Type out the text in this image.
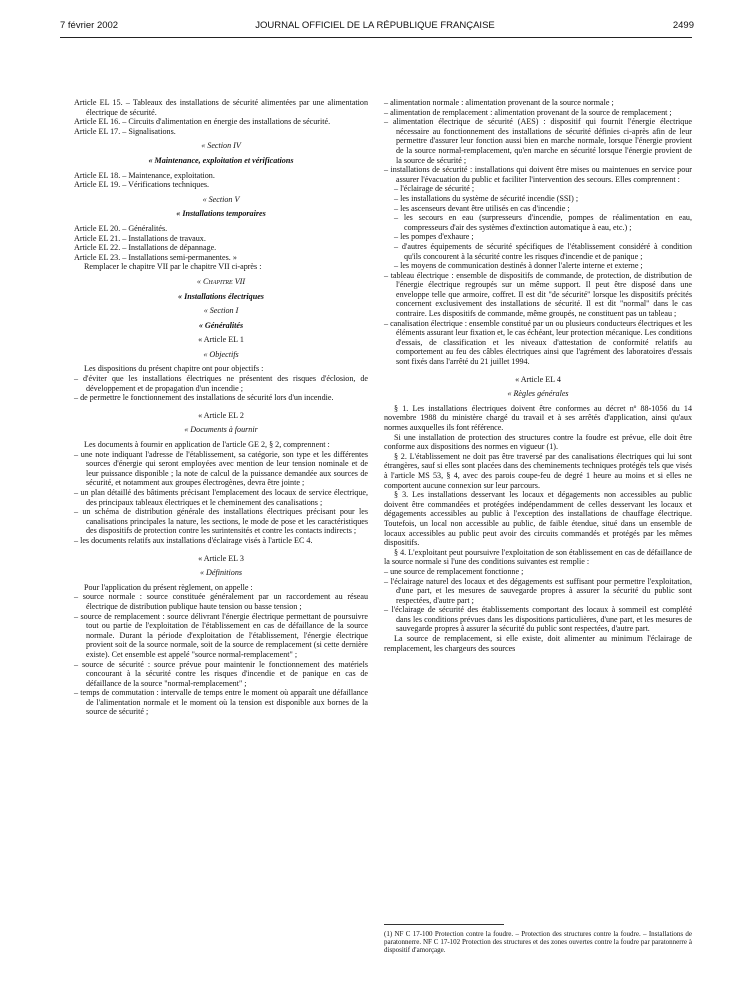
7 février 2002	JOURNAL OFFICIEL DE LA RÉPUBLIQUE FRANÇAISE	2499
Article EL 15. – Tableaux des installations de sécurité alimentées par une alimentation électrique de sécurité.
Article EL 16. – Circuits d'alimentation en énergie des installations de sécurité.
Article EL 17. – Signalisations.
« Section IV
« Maintenance, exploitation et vérifications
Article EL 18. – Maintenance, exploitation.
Article EL 19. – Vérifications techniques.
« Section V
« Installations temporaires
Article EL 20. – Généralités.
Article EL 21. – Installations de travaux.
Article EL 22. – Installations de dépannage.
Article EL 23. – Installations semi-permanentes. »
Remplacer le chapitre VII par le chapitre VII ci-après :
« Chapitre VII
« Installations électriques
« Section I
« Généralités
« Article EL 1
« Objectifs
Les dispositions du présent chapitre ont pour objectifs :
– d'éviter que les installations électriques ne présentent des risques d'éclosion, de développement et de propagation d'un incendie ;
– de permettre le fonctionnement des installations de sécurité lors d'un incendie.
« Article EL 2
« Documents à fournir
Les documents à fournir en application de l'article GE 2, § 2, comprennent :
– une note indiquant l'adresse de l'établissement, sa catégorie, son type et les différentes sources d'énergie qui seront employées avec mention de leur tension nominale et de leur puissance disponible ; la note de calcul de la puissance demandée aux sources de sécurité, et notamment aux groupes électrogènes, devra être jointe ;
– un plan détaillé des bâtiments précisant l'emplacement des locaux de service électrique, des principaux tableaux électriques et le cheminement des canalisations ;
– un schéma de distribution générale des installations électriques précisant pour les canalisations principales la nature, les sections, le mode de pose et les caractéristiques des dispositifs de protection contre les surintensités et contre les contacts indirects ;
– les documents relatifs aux installations d'éclairage visés à l'article EC 4.
« Article EL 3
« Définitions
Pour l'application du présent règlement, on appelle :
– source normale : source constituée généralement par un raccordement au réseau électrique de distribution publique haute tension ou basse tension ;
– source de remplacement : source délivrant l'énergie électrique permettant de poursuivre tout ou partie de l'exploitation de l'établissement en cas de défaillance de la source normale. Durant la période d'exploitation de l'établissement, l'énergie électrique provient soit de la source normale, soit de la source de remplacement (si cette dernière existe). Cet ensemble est appelé "source normal-remplacement" ;
– source de sécurité : source prévue pour maintenir le fonctionnement des matériels concourant à la sécurité contre les risques d'incendie et de panique en cas de défaillance de la source "normal-remplacement" ;
– temps de commutation : intervalle de temps entre le moment où apparaît une défaillance de l'alimentation normale et le moment où la tension est disponible aux bornes de la source de sécurité ;
– alimentation normale : alimentation provenant de la source normale ;
– alimentation de remplacement : alimentation provenant de la source de remplacement ;
– alimentation électrique de sécurité (AES) : dispositif qui fournit l'énergie électrique nécessaire au fonctionnement des installations de sécurité définies ci-après afin de leur permettre d'assurer leur fonction aussi bien en marche normale, lorsque l'énergie provient de la source normal-remplacement, qu'en marche en sécurité lorsque l'énergie provient de la source de sécurité ;
– installations de sécurité : installations qui doivent être mises ou maintenues en service pour assurer l'évacuation du public et faciliter l'intervention des secours. Elles comprennent :
– l'éclairage de sécurité ;
– les installations du système de sécurité incendie (SSI) ;
– les ascenseurs devant être utilisés en cas d'incendie ;
– les secours en eau (surpresseurs d'incendie, pompes de réalimentation en eau, compresseurs d'air des systèmes d'extinction automatique à eau, etc.) ;
– les pompes d'exhaure ;
– d'autres équipements de sécurité spécifiques de l'établissement considéré à condition qu'ils concourent à la sécurité contre les risques d'incendie et de panique ;
– les moyens de communication destinés à donner l'alerte interne et externe ;
– tableau électrique : ensemble de dispositifs de commande, de protection, de distribution de l'énergie électrique regroupés sur un même support. Il peut être disposé dans une enveloppe telle que armoire, coffret. Il est dit "de sécurité" lorsque les dispositifs précités concernent exclusivement des installations de sécurité. Il est dit "normal" dans le cas contraire. Les dispositifs de commande, même groupés, ne constituent pas un tableau ;
– canalisation électrique : ensemble constitué par un ou plusieurs conducteurs électriques et les éléments assurant leur fixation et, le cas échéant, leur protection mécanique. Les conditions d'essais, de classification et les niveaux d'attestation de conformité relatifs au comportement au feu des câbles électriques ainsi que l'agrément des laboratoires d'essais sont fixés dans l'arrêté du 21 juillet 1994.
« Article EL 4
« Règles générales
§ 1. Les installations électriques doivent être conformes au décret nº 88-1056 du 14 novembre 1988 du ministère chargé du travail et à ses arrêtés d'application, ainsi qu'aux normes auxquelles ils font référence.
Si une installation de protection des structures contre la foudre est prévue, elle doit être conforme aux dispositions des normes en vigueur (1).
§ 2. L'établissement ne doit pas être traversé par des canalisations électriques qui lui sont étrangères, sauf si elles sont placées dans des cheminements techniques protégés tels que visés à l'article MS 53, § 4, avec des parois coupe-feu de degré 1 heure au moins et si elles ne comportent aucune connexion sur leur parcours.
§ 3. Les installations desservant les locaux et dégagements non accessibles au public doivent être commandées et protégées indépendamment de celles desservant les locaux et dégagements accessibles au public à l'exception des installations de chauffage électrique. Toutefois, un local non accessible au public, de faible étendue, situé dans un ensemble de locaux accessibles au public peut avoir des circuits commandés et protégés par les mêmes dispositifs.
§ 4. L'exploitant peut poursuivre l'exploitation de son établissement en cas de défaillance de la source normale si l'une des conditions suivantes est remplie :
– une source de remplacement fonctionne ;
– l'éclairage naturel des locaux et des dégagements est suffisant pour permettre l'exploitation, d'une part, et les mesures de sauvegarde propres à assurer la sécurité du public sont respectées, d'autre part ;
– l'éclairage de sécurité des établissements comportant des locaux à sommeil est complété dans les conditions prévues dans les dispositions particulières, d'une part, et les mesures de sauvegarde propres à assurer la sécurité du public sont respectées, d'autre part.
La source de remplacement, si elle existe, doit alimenter au minimum l'éclairage de remplacement, les chargeurs des sources
(1) NF C 17-100 Protection contre la foudre. – Protection des structures contre la foudre. – Installations de paratonnerre. NF C 17-102 Protection des structures et des zones ouvertes contre la foudre par paratonnerre à dispositif d'amorçage.
